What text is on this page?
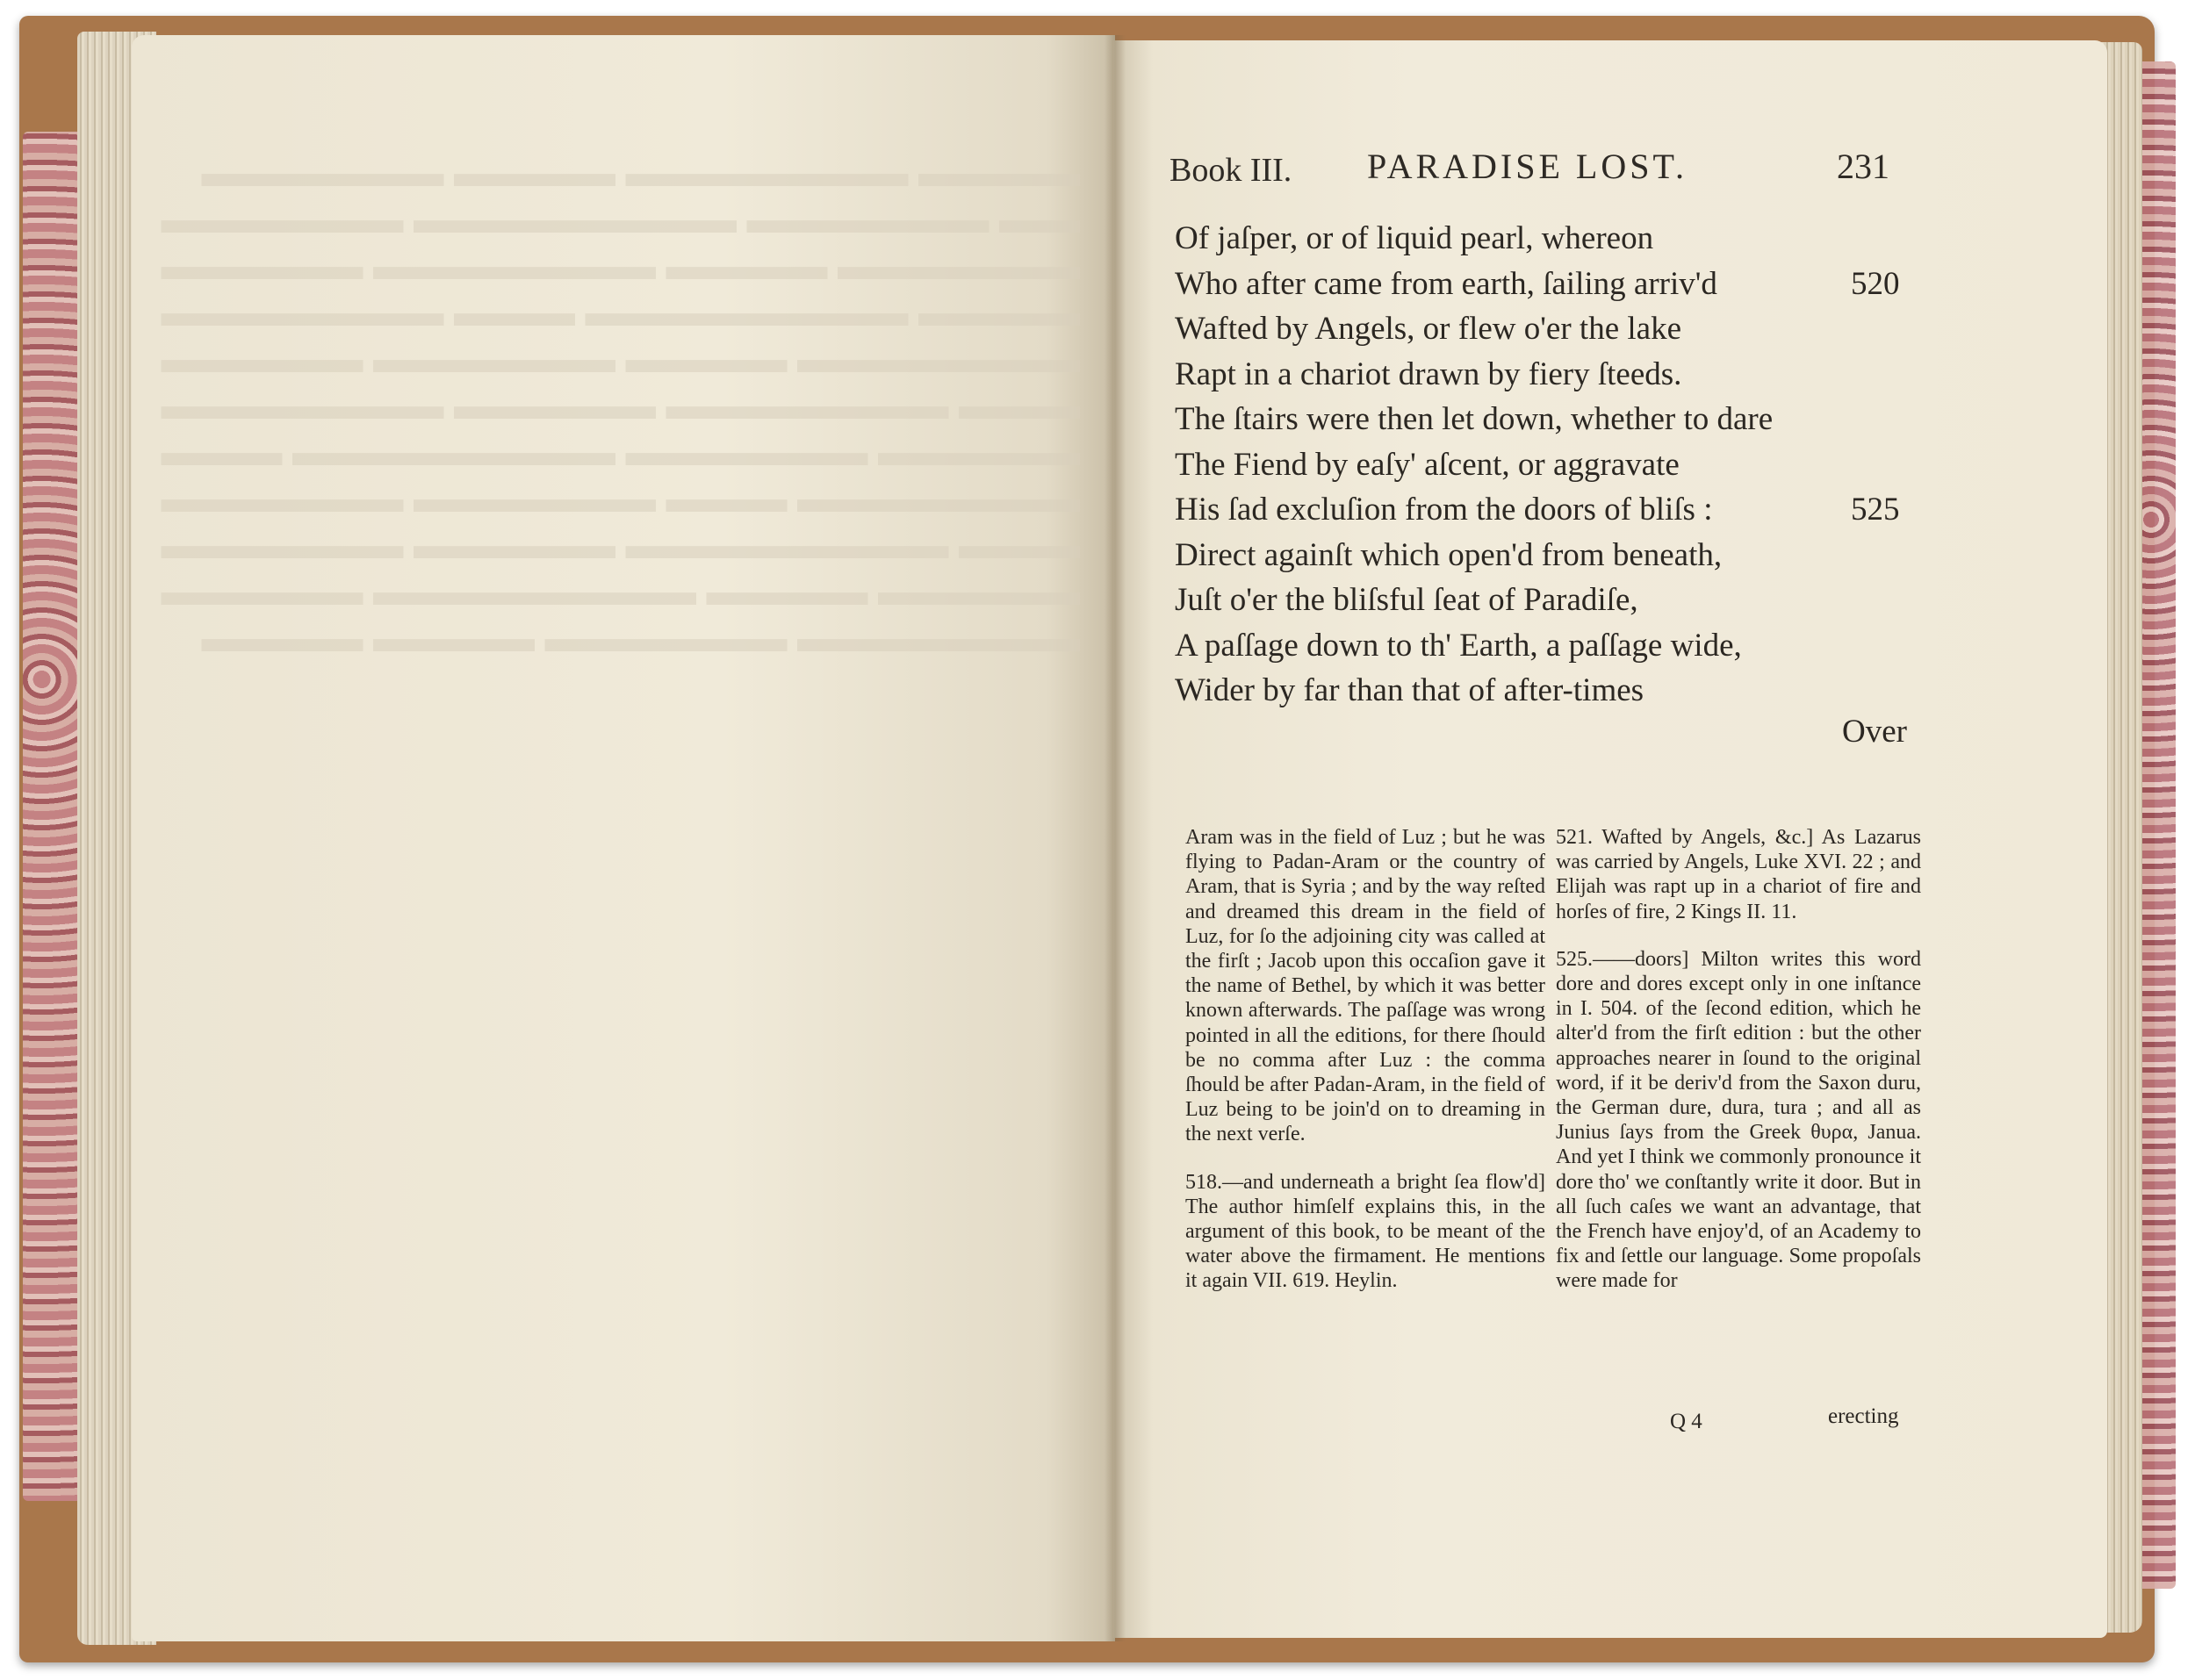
▬▬▬▬ ▬▬▬▬▬▬▬ ▬▬▬▬ ▬▬▬▬▬▬
▬▬ ▬▬▬▬▬▬ ▬▬▬▬▬▬▬▬ ▬▬▬▬▬▬
▬▬▬▬▬▬ ▬▬▬▬ ▬▬▬▬▬▬▬ ▬▬▬▬▬
▬▬▬▬ ▬▬▬▬▬▬▬▬ ▬▬▬ ▬▬▬▬▬▬▬
▬▬▬▬▬▬▬ ▬▬▬▬ ▬▬▬▬▬▬ ▬▬▬▬▬
▬▬▬ ▬▬▬▬▬▬▬ ▬▬▬▬▬ ▬▬▬▬▬▬▬
▬▬▬▬▬ ▬▬▬▬▬▬ ▬▬▬▬▬▬▬▬ ▬▬▬
▬▬▬▬▬▬▬ ▬▬▬ ▬▬▬▬▬▬ ▬▬▬▬▬▬
▬▬▬ ▬▬▬▬▬▬▬▬ ▬▬▬▬▬ ▬▬▬▬▬▬
▬▬▬▬▬ ▬▬▬▬ ▬▬▬▬▬▬▬▬ ▬▬▬▬▬
▬▬▬▬▬▬▬ ▬▬▬▬▬▬ ▬▬▬▬ ▬▬▬▬
Book III. PARADISE LOST.	231
Of jaſper, or of liquid pearl, whereon
Who after came from earth, ſailing arriv'd	520
Wafted by Angels, or flew o'er the lake
Rapt in a chariot drawn by fiery ſteeds.
The ſtairs were then let down, whether to dare
The Fiend by eaſy' aſcent, or aggravate
His ſad excluſion from the doors of bliſs :	525
Direct againſt which open'd from beneath,
Juſt o'er the bliſsful ſeat of Paradiſe,
A paſſage down to th' Earth, a paſſage wide,
Wider by far than that of after-times
Over

Aram was in the field of Luz ; but he was flying to Padan-Aram or the country of Aram, that is Syria ; and by the way reſted and dreamed this dream in the field of Luz, for ſo the adjoining city was called at the firſt ; Jacob upon this occaſion gave it the name of Bethel, by which it was better known afterwards. The paſſage was wrong pointed in all the editions, for there ſhould be no comma after Luz : the comma ſhould be after Padan-Aram, in the field of Luz being to be join'd on to dreaming in the next verſe.

518.—and underneath a bright ſea flow'd] The author himſelf explains this, in the argument of this book, to be meant of the water above the firmament. He mentions it again VII. 619. Heylin.

521. Wafted by Angels, &c.] As Lazarus was carried by Angels, Luke XVI. 22 ; and Elijah was rapt up in a chariot of fire and horſes of fire, 2 Kings II. 11.

525.——doors] Milton writes this word dore and dores except only in one inſtance in I. 504. of the ſecond edition, which he alter'd from the firſt edition : but the other approaches nearer in ſound to the original word, if it be deriv'd from the Saxon duru, the German dure, dura, tura ; and all as Junius ſays from the Greek θυρα, Janua. And yet I think we commonly pronounce it dore tho' we conſtantly write it door. But in all ſuch caſes we want an advantage, that the French have enjoy'd, of an Academy to fix and ſettle our language. Some propoſals were made for

Q 4	erecting
